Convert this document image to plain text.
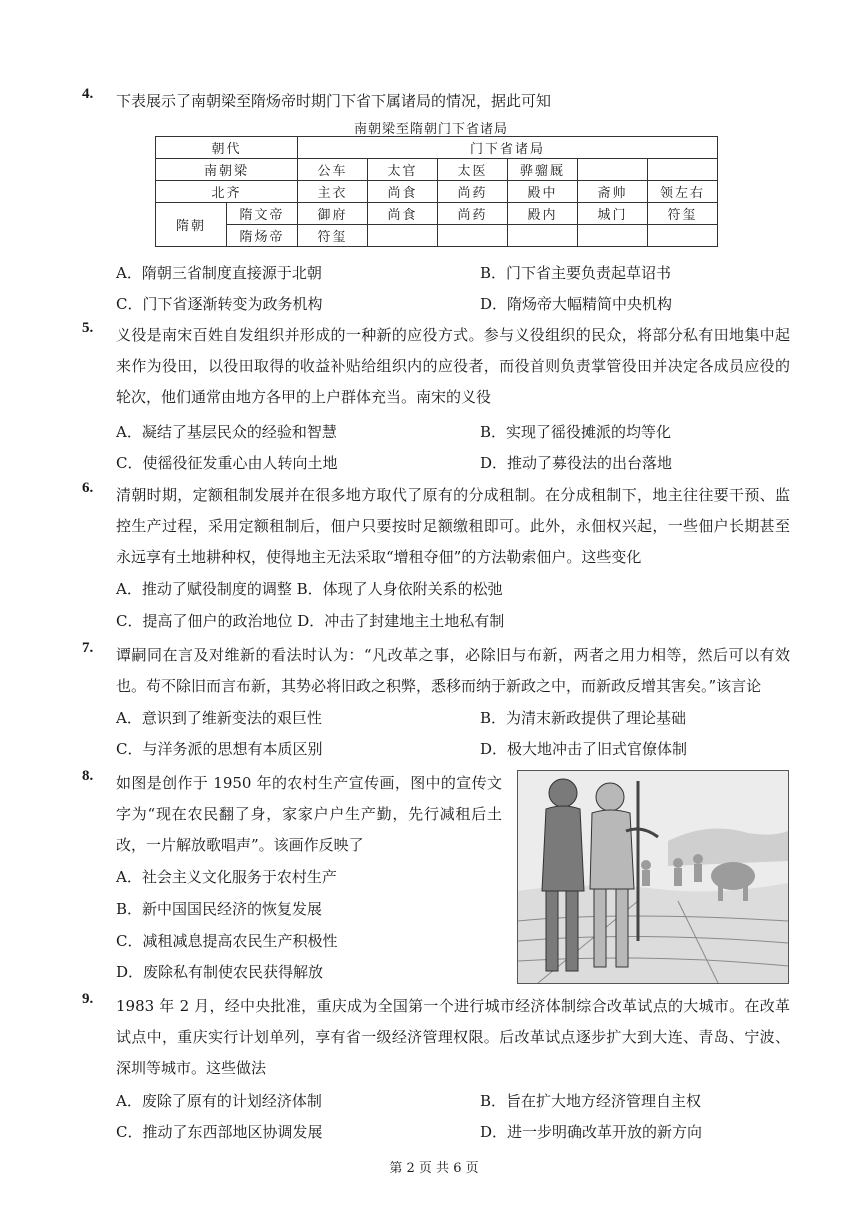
4. 下表展示了南朝梁至隋炀帝时期门下省下属诸局的情况，据此可知
南朝梁至隋朝门下省诸局
朝代		门下省诸局					
南朝梁		公车	太官	太医	骅骝厩		
北齐		主衣	尚食	尚药	殿中	斋帅	领左右
隋朝	隋文帝	御府	尚食	尚药	殿内	城门	符玺
	隋炀帝	符玺					
A．隋朝三省制度直接源于北朝	B．门下省主要负责起草诏书
C．门下省逐渐转变为政务机构	D．隋炀帝大幅精简中央机构
5. 义役是南宋百姓自发组织并形成的一种新的应役方式。参与义役组织的民众，将部分私有田地集中起来作为役田，以役田取得的收益补贴给组织内的应役者，而役首则负责掌管役田并决定各成员应役的轮次，他们通常由地方各甲的上户群体充当。南宋的义役
A．凝结了基层民众的经验和智慧	B．实现了徭役摊派的均等化
C．使徭役征发重心由人转向土地	D．推动了募役法的出台落地
6. 清朝时期，定额租制发展并在很多地方取代了原有的分成租制。在分成租制下，地主往往要干预、监控生产过程，采用定额租制后，佃户只要按时足额缴租即可。此外，永佃权兴起，一些佃户长期甚至永远享有土地耕种权，使得地主无法采取“增租夺佃”的方法勒索佃户。这些变化
A．推动了赋役制度的调整 B．体现了人身依附关系的松弛
C．提高了佃户的政治地位 D．冲击了封建地主土地私有制
7. 谭嗣同在言及对维新的看法时认为：“凡改革之事，必除旧与布新，两者之用力相等，然后可以有效也。苟不除旧而言布新，其势必将旧政之积弊，悉移而纳于新政之中，而新政反增其害矣。”该言论
A．意识到了维新变法的艰巨性	B．为清末新政提供了理论基础
C．与洋务派的思想有本质区别	D．极大地冲击了旧式官僚体制
8. 如图是创作于 1950 年的农村生产宣传画，图中的宣传文字为“现在农民翻了身，家家户户生产勤，先行减租后土改，一片解放歌唱声”。该画作反映了
A．社会主义文化服务于农村生产
B．新中国国民经济的恢复发展
C．减租减息提高农民生产积极性
D．废除私有制使农民获得解放
9. 1983 年 2 月，经中央批准，重庆成为全国第一个进行城市经济体制综合改革试点的大城市。在改革试点中，重庆实行计划单列，享有省一级经济管理权限。后改革试点逐步扩大到大连、青岛、宁波、深圳等城市。这些做法
A．废除了原有的计划经济体制	B．旨在扩大地方经济管理自主权
C．推动了东西部地区协调发展	D．进一步明确改革开放的新方向
第 2 页 共 6 页
